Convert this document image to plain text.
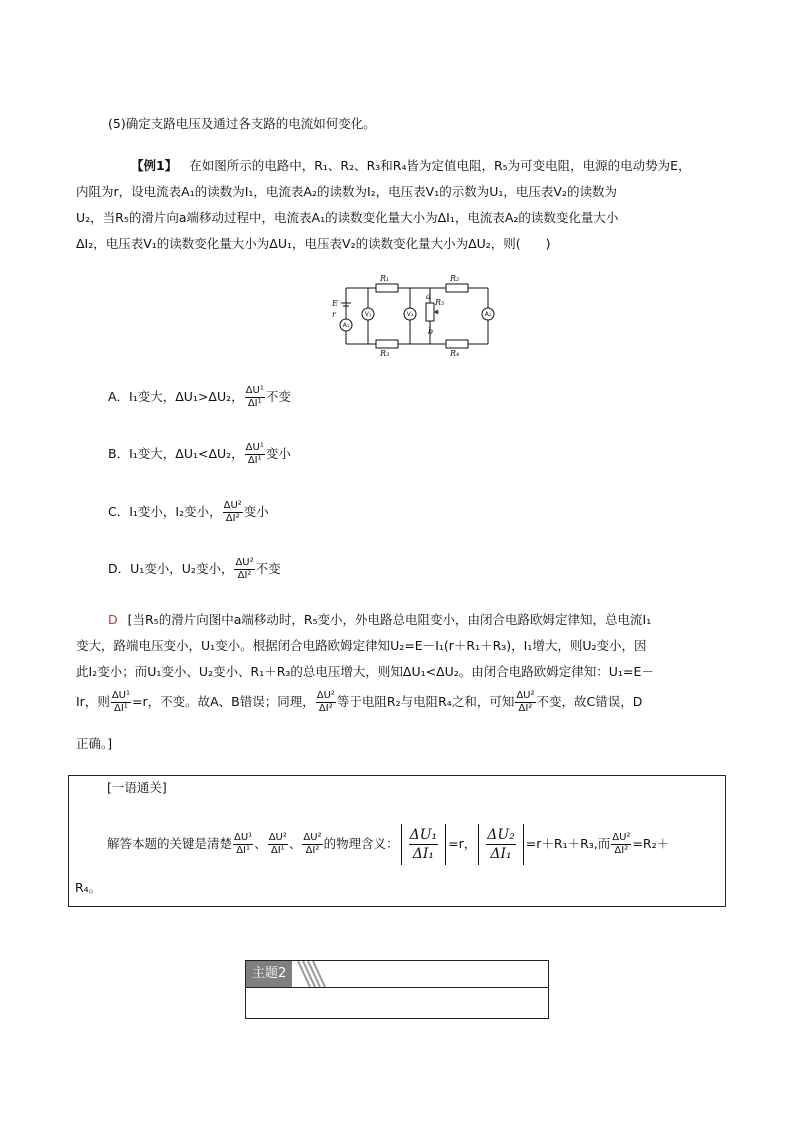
(5)确定支路电压及通过各支路的电流如何变化。
【例1】 在如图所示的电路中，R₁、R₂、R₃和R₄皆为定值电阻，R₅为可变电阻，电源的电动势为E，
内阻为r，设电流表A₁的读数为I₁，电流表A₂的读数为I₂，电压表V₁的示数为U₁，电压表V₂的读数为
U₂，当R₅的滑片向a端移动过程中，电流表A₁的读数变化量大小为ΔI₁，电流表A₂的读数变化量大小
ΔI₂，电压表V₁的读数变化量大小为ΔU₁，电压表V₂的读数变化量大小为ΔU₂，则(　　)
R₁	R₂
R₃	R₄
R₅
E
r
a
b
A₁
A₂
V₁	V₂
A．I₁变大，ΔU₁>ΔU₂， $\frac{\text{ΔU¹}}{\text{ΔI¹}}$ 不变
B．I₁变大，ΔU₁<ΔU₂， $\frac{\text{ΔU¹}}{\text{ΔI¹}}$ 变小
C．I₁变小，I₂变小， $\frac{\text{ΔU²}}{\text{ΔI²}}$ 变小
D．U₁变小，U₂变小， $\frac{\text{ΔU²}}{\text{ΔI²}}$ 不变
D [当R₅的滑片向图中a端移动时，R₅变小，外电路总电阻变小，由闭合电路欧姆定律知，总电流I₁
变大，路端电压变小，U₁变小。根据闭合电路欧姆定律知U₂=E－I₁(r＋R₁＋R₃)，I₁增大，则U₂变小，因
此I₂变小；而U₁变小、U₂变小、R₁＋R₃的总电压增大，则知ΔU₁<ΔU₂。由闭合电路欧姆定律知：U₁=E－
Ir，则 $\frac{\text{ΔU¹}}{\text{ΔI¹}} =r$，不变。故A、B错误；同理， $\frac{\text{ΔU²}}{\text{ΔI²}}$ 等于电阻R₂与电阻R₄之和，可知 $\frac{\text{ΔU²}}{\text{ΔI²}}$ 不变，故C错误，D
正确。]
[一语通关]
解答本题的关键是清楚 $\frac{\text{ΔU¹}}{\text{ΔI¹}}$ 、 $\frac{\text{ΔU²}}{\text{ΔI¹}}$ 、 $\frac{\text{ΔU²}}{\text{ΔI²}}$ 的物理含义： $\frac{\text{ΔU₁}}{\text{ΔI₁}} =r$， $\frac{\text{ΔU₂}}{\text{ΔI₁}} =r+R_1+R_3$,而 $\frac{\text{ΔU²}}{\text{ΔI²}} =R_2+$
R₄。
主题2
